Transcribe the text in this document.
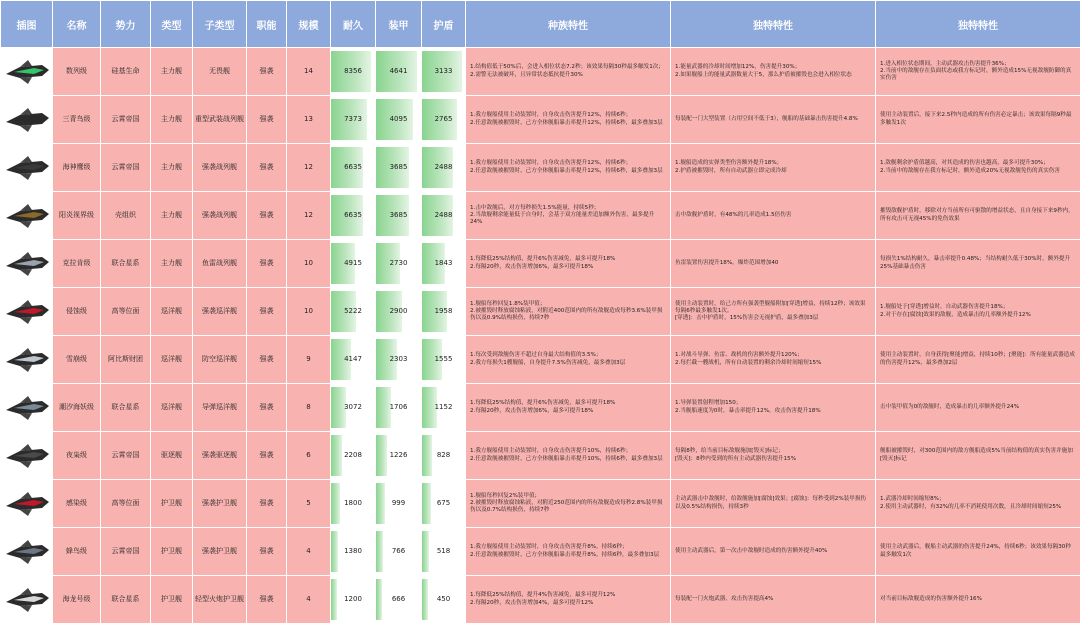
插图	名称	势力	类型	子类型	职能	规模	耐久	装甲	护盾	种族特性	独特特性	独特特性

	数列级	硅基生命	主力舰	无畏舰	强袭	14	8356	4641	3133	1.结构值低于50%后，会进入相位状态7.2秒；该效果每隔30秒最多触发1次；
2.需警无法被破坏，且异常状态抵抗提升30%	1.能量武器的冷却时间增加12%，伤害提升30%；
2.如果舰船上的能量武器数量大于5，那么护盾被摧毁也会进入相位状态	1.进入相位状态期间，主动武器攻击伤害提升36%；
2.当前中的敌舰存在负面状态或我方标记时，额外造成15%无视敌舰防御的真实伤害

	三青鸟级	云霄帝国	主力舰	重型武装战列舰	强袭	13	7373	4095	2765	1.我方舰船使用主动装置时，自身攻击伤害提升12%，持续6秒；
2.任意敌舰被摧毁时，己方全体舰船暴击率提升12%，持续6秒，最多叠加3层	每装配一门大型装置（占用空间不低于3），舰船的基础暴击伤害提升4.8%	使用主动装置后，接下来2.5秒内造成的所有伤害必定暴击；该效果每隔9秒最多触发1次

	海神鹰级	云霄帝国	主力舰	强袭战列舰	强袭	12	6635	3685	2488	1.我方舰船使用主动装置时，自身攻击伤害提升12%，持续6秒；
2.任意敌舰被摧毁时，己方全体舰船暴击率提升12%，持续6秒，最多叠加3层	1.舰船造成的实弹类型伤害额外提升18%；
2.护盾被摧毁时，所有自动武器立即完成冷却	1.敌舰剩余护盾值越高，对其造成的伤害也越高，最多可提升30%；
2.当前中的敌舰存在我方标记时，额外造成20%无视敌舰免伤的真实伤害

	阳炎视界级	壳组织	主力舰	强袭战列舰	强袭	12	6635	3685	2488	1.击中敌舰后，对方每秒损失1.5%能量，持续5秒；
2.当敌舰剩余能量低于自身时，会基于双方能量差追加额外伤害，最多提升24%	击中敌舰护盾时，有48%的几率造成1.5倍伤害	摧毁敌舰护盾时，移除对方当前所有可驱散的增益状态，且自身接下来9秒内，所有攻击可无视45%的免伤效果

	克拉肯级	联合星系	主力舰	鱼雷战列舰	强袭	10	4915	2730	1843	1.每降低25%结构值，提升6%伤害减免，最多可提升18%
2.每隔20秒，攻击伤害增加6%，最多可提升18%	鱼雷装置伤害提升18%，爆炸范围增加40	每损失1%结构耐久，暴击率提升0.48%；当结构耐久低于30%时，额外提升25%基础暴击伤害

	侵蚀级	高等位面	巡洋舰	强袭巡洋舰	强袭	10	5222	2900	1958	1.舰船每秒回复1.8%装甲值；
2.被摧毁时释放腐蚀粘液，对附近400范围内的所有敌舰造成每秒3.6%装甲损伤以及0.9%结构损伤，持续7秒	使用主动装置时，给己方所有强袭型舰船附加[穿透]增益，持续12秒；该效果每隔6秒最多触发1次。
[穿透]：击中护盾时，15%伤害会无视护盾，最多叠加3层	1.舰船处于[穿透]增益时，自动武器伤害提升18%；
2.对于存在[腐蚀]效果的敌舰，造成暴击的几率额外提升12%

	雪崩级	阿比斯财团	巡洋舰	防空巡洋舰	强袭	9	4147	2303	1555	1.每次受到敌舰伤害不超过自身最大结构值的3.5%；
2.我方每损失1艘舰船，自身提升7.5%伤害减免，最多叠加3层	1.对战斗导弹、鱼雷、战机的伤害额外提升120%；
2.每拦截一艘战机，所有自动装置的剩余冷却时间缩短15%	使用主动装置时，自身获得[聚能]增益，持续10秒；[聚能]：所有能量武器造成的伤害提升12%，最多叠加2层

	潮汐海妖级	联合星系	巡洋舰	导弹巡洋舰	强袭	8	3072	1706	1152	1.每降低25%结构值，提升6%伤害减免，最多可提升18%
2.每隔20秒，攻击伤害增加6%，最多可提升18%	1.导弹装置射程增加150；
2.当舰船速度为0时，暴击率提升12%，攻击伤害提升18%	击中装甲值为0的敌舰时，造成暴击的几率额外提升24%

	夜枭级	云霄帝国	驱逐舰	强袭驱逐舰	强袭	6	2208	1226	828	1.我方舰船使用主动装置时，自身攻击伤害提升10%，持续6秒；
2.任意敌舰被摧毁时，己方全体舰船暴击率提升10%，持续6秒，最多叠加3层	每隔8秒，给当前目标敌舰施加[毁灭]标记；
[毁灭]：8秒内受到的所有主动武器伤害提升15%	舰船被摧毁时，对300范围内的敌方舰船造成5%当前结构值的真实伤害并施加[毁灭]标记

	感染级	高等位面	护卫舰	强袭护卫舰	强袭	5	1800	999	675	1.舰船每秒回复2%装甲值；
2.被摧毁时释放腐蚀粘液，对附近250范围内的所有敌舰造成每秒2.8%装甲损伤以及0.7%结构损伤，持续7秒	主动武器击中敌舰时，给敌舰施加[腐蚀]效果；[腐蚀]：每秒受到2%装甲损伤以及0.5%结构损伤，持续3秒	1.武器冷却时间缩短8%；
2.使用主动武器时，有32%的几率不消耗使用次数，且冷却时间缩短25%

	蜂鸟级	云霄帝国	护卫舰	强袭护卫舰	强袭	4	1380	766	518	1.我方舰船使用主动装置时，自身攻击伤害提升8%，持续6秒；
2.任意敌舰被摧毁时，己方全体舰船暴击率提升8%，持续6秒，最多叠加3层	使用主动武器后，第一次击中敌舰时造成的伤害额外提升40%	使用主动武器后，舰船主动武器的伤害提升24%，持续6秒；该效果每隔30秒最多触发1次

	海龙号级	联合星系	护卫舰	轻型火炮护卫舰	强袭	4	1200	666	450	1.每降低25%结构值，提升4%伤害减免，最多可提升12%
2.每隔20秒，攻击伤害增加4%，最多可提升12%	每装配一门火炮武器，攻击伤害提高4%	对当前目标敌舰造成的伤害额外提升16%
